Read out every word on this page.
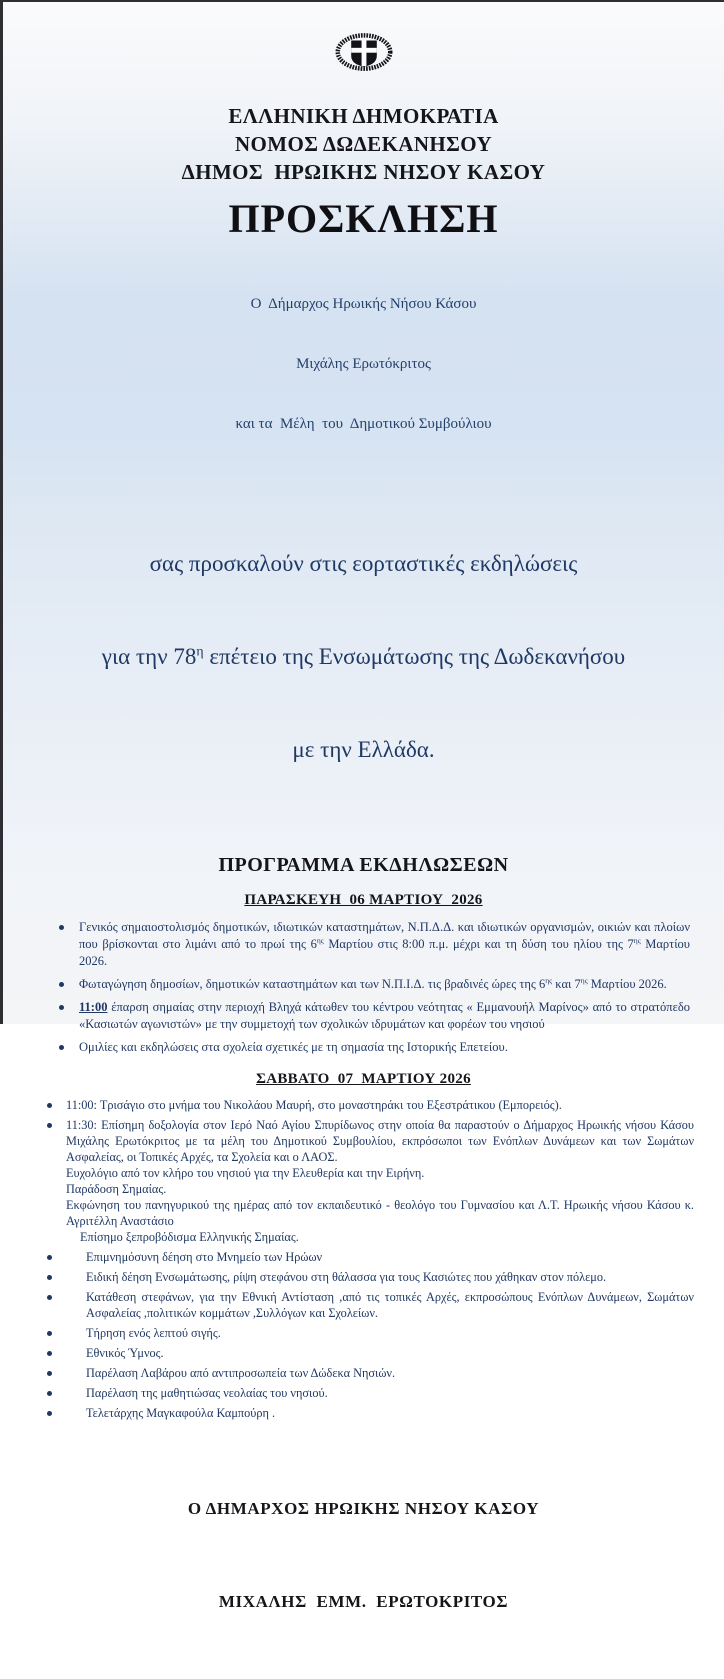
ΕΛΛΗΝΙΚΗ ΔΗΜΟΚΡΑΤΙΑ
ΝΟΜΟΣ ΔΩΔΕΚΑΝΗΣΟΥ
ΔΗΜΟΣ  ΗΡΩΙΚΗΣ ΝΗΣΟΥ ΚΑΣΟΥ
ΠΡΟΣΚΛΗΣΗ

Ο  Δήμαρχος Ηρωικής Νήσου Κάσου

Μιχάλης Ερωτόκριτος

και τα  Μέλη  του  Δημοτικού Συμβούλιου

σας προσκαλούν στις εορταστικές εκδηλώσεις

για την $78^\eta$ επέτειο της Ενσωμάτωσης της Δωδεκανήσου

με την Ελλάδα.

ΠΡΟΓΡΑΜΜΑ ΕΚΔΗΛΩΣΕΩΝ
ΠΑΡΑΣΚΕΥΗ  06 ΜΑΡΤΙΟΥ  2026
Γενικός σημαιοστολισμός δημοτικών, ιδιωτικών καταστημάτων, Ν.Π.Δ.Δ. και ιδιωτικών οργανισμών, οικιών και πλοίων που βρίσκονται στο λιμάνι από το πρωί της $6^{\eta\varsigma}$ Μαρτίου στις 8:00 π.μ. μέχρι και τη δύση του ηλίου της $7^{\eta\varsigma}$ Μαρτίου 2026.
Φωταγώγηση δημοσίων, δημοτικών καταστημάτων και των Ν.Π.Ι.Δ. τις βραδινές ώρες της $6^{\eta\varsigma}$ και $7^{\eta\varsigma}$ Μαρτίου 2026.
11:00 έπαρση σημαίας στην περιοχή Βληχά κάτωθεν του κέντρου νεότητας « Εμμανουήλ Μαρίνος» από το στρατόπεδο «Κασιωτών αγωνιστών» με την συμμετοχή των σχολικών ιδρυμάτων και φορέων του νησιού
Ομιλίες και εκδηλώσεις στα σχολεία σχετικές με τη σημασία της Ιστορικής Επετείου.
ΣΑΒΒΑΤΟ  07  ΜΑΡΤΙΟΥ 2026
11:00: Τρισάγιο στο μνήμα του Νικολάου Μαυρή, στο μοναστηράκι του Εξεστράτικου (Εμπορειός).
11:30: Επίσημη δοξολογία στον Ιερό Ναό Αγίου Σπυρίδωνος στην οποία θα παραστούν ο Δήμαρχος Ηρωικής νήσου Κάσου Μιχάλης Ερωτόκριτος με τα μέλη του Δημοτικού Συμβουλίου, εκπρόσωποι των Ενόπλων Δυνάμεων και των Σωμάτων Ασφαλείας, οι Τοπικές Αρχές, τα Σχολεία και ο ΛΑΟΣ.
Ευχολόγιο από τον κλήρο του νησιού για την Ελευθερία και την Ειρήνη.
Παράδοση Σημαίας.
Εκφώνηση του πανηγυρικού της ημέρας από τον εκπαιδευτικό - θεολόγο του Γυμνασίου και Λ.Τ. Ηρωικής νήσου Κάσου κ. Αγριτέλλη Αναστάσιο
Επίσημο ξεπροβόδισμα Ελληνικής Σημαίας.
Επιμνημόσυνη δέηση στο Μνημείο των Ηρώων
Ειδική δέηση Ενσωμάτωσης, ρίψη στεφάνου στη θάλασσα για τους Κασιώτες που χάθηκαν στον πόλεμο.
Κατάθεση στεφάνων, για την Εθνική Αντίσταση ,από τις τοπικές Αρχές, εκπροσώπους Ενόπλων Δυνάμεων, Σωμάτων Ασφαλείας ,πολιτικών κομμάτων ,Συλλόγων και Σχολείων.
Τήρηση ενός λεπτού σιγής.
Εθνικός Ύμνος.
Παρέλαση Λαβάρου από αντιπροσωπεία των Δώδεκα Νησιών.
Παρέλαση της μαθητιώσας νεολαίας του νησιού.
Τελετάρχης Μαγκαφούλα Καμπούρη .

Ο ΔΗΜΑΡΧΟΣ ΗΡΩΙΚΗΣ ΝΗΣΟΥ ΚΑΣΟΥ

ΜΙΧΑΛΗΣ  ΕΜΜ.  ΕΡΩΤΟΚΡΙΤΟΣ
